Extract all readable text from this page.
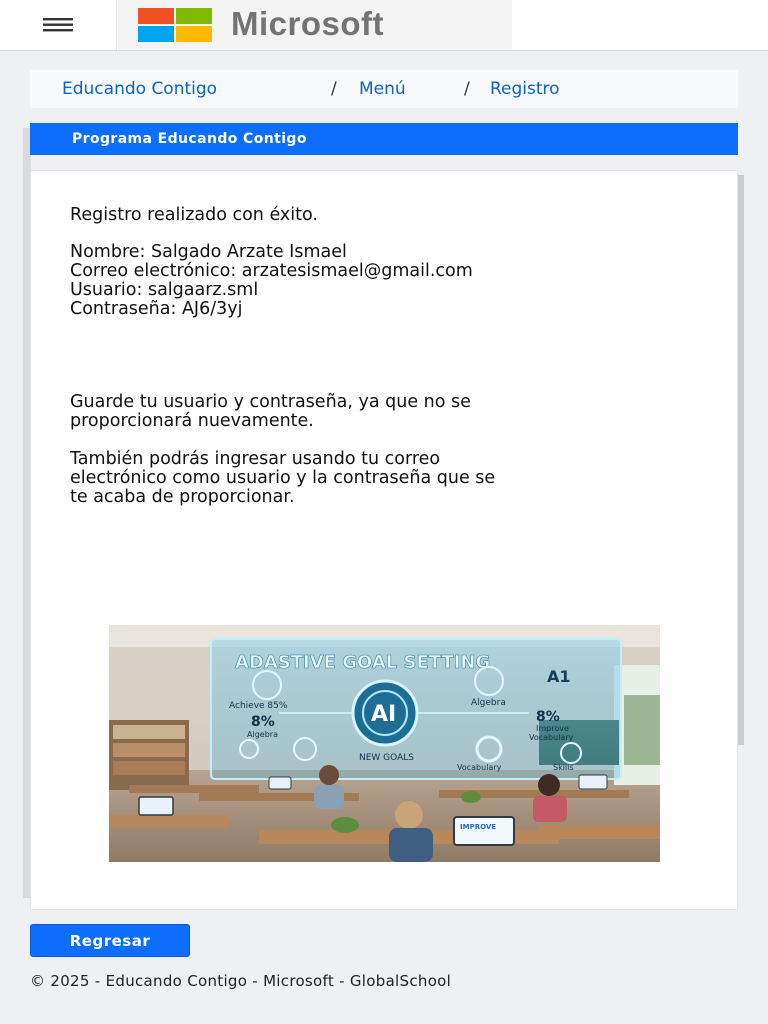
Microsoft
Educando Contigo	/ Menú	/ Registro
Programa Educando Contigo
Registro realizado con éxito.
Nombre: Salgado Arzate Ismael
Correo electrónico: arzatesismael@gmail.com
Usuario: salgaarz.sml
Contraseña: AJ6/3yj
Guarde tu usuario y contraseña, ya que no se
proporcionará nuevamente.
También podrás ingresar usando tu correo
electrónico como usuario y la contraseña que se
te acaba de proporcionar.
ADASTIVE GOAL SETTING
A1
AI
Achieve 85%
8%
Algebra
Algebra
8%
Improve
Vocabulary
NEW GOALS
Vocabulary	Skills
IMPROVE
Regresar
© 2025 - Educando Contigo - Microsoft - GlobalSchool
